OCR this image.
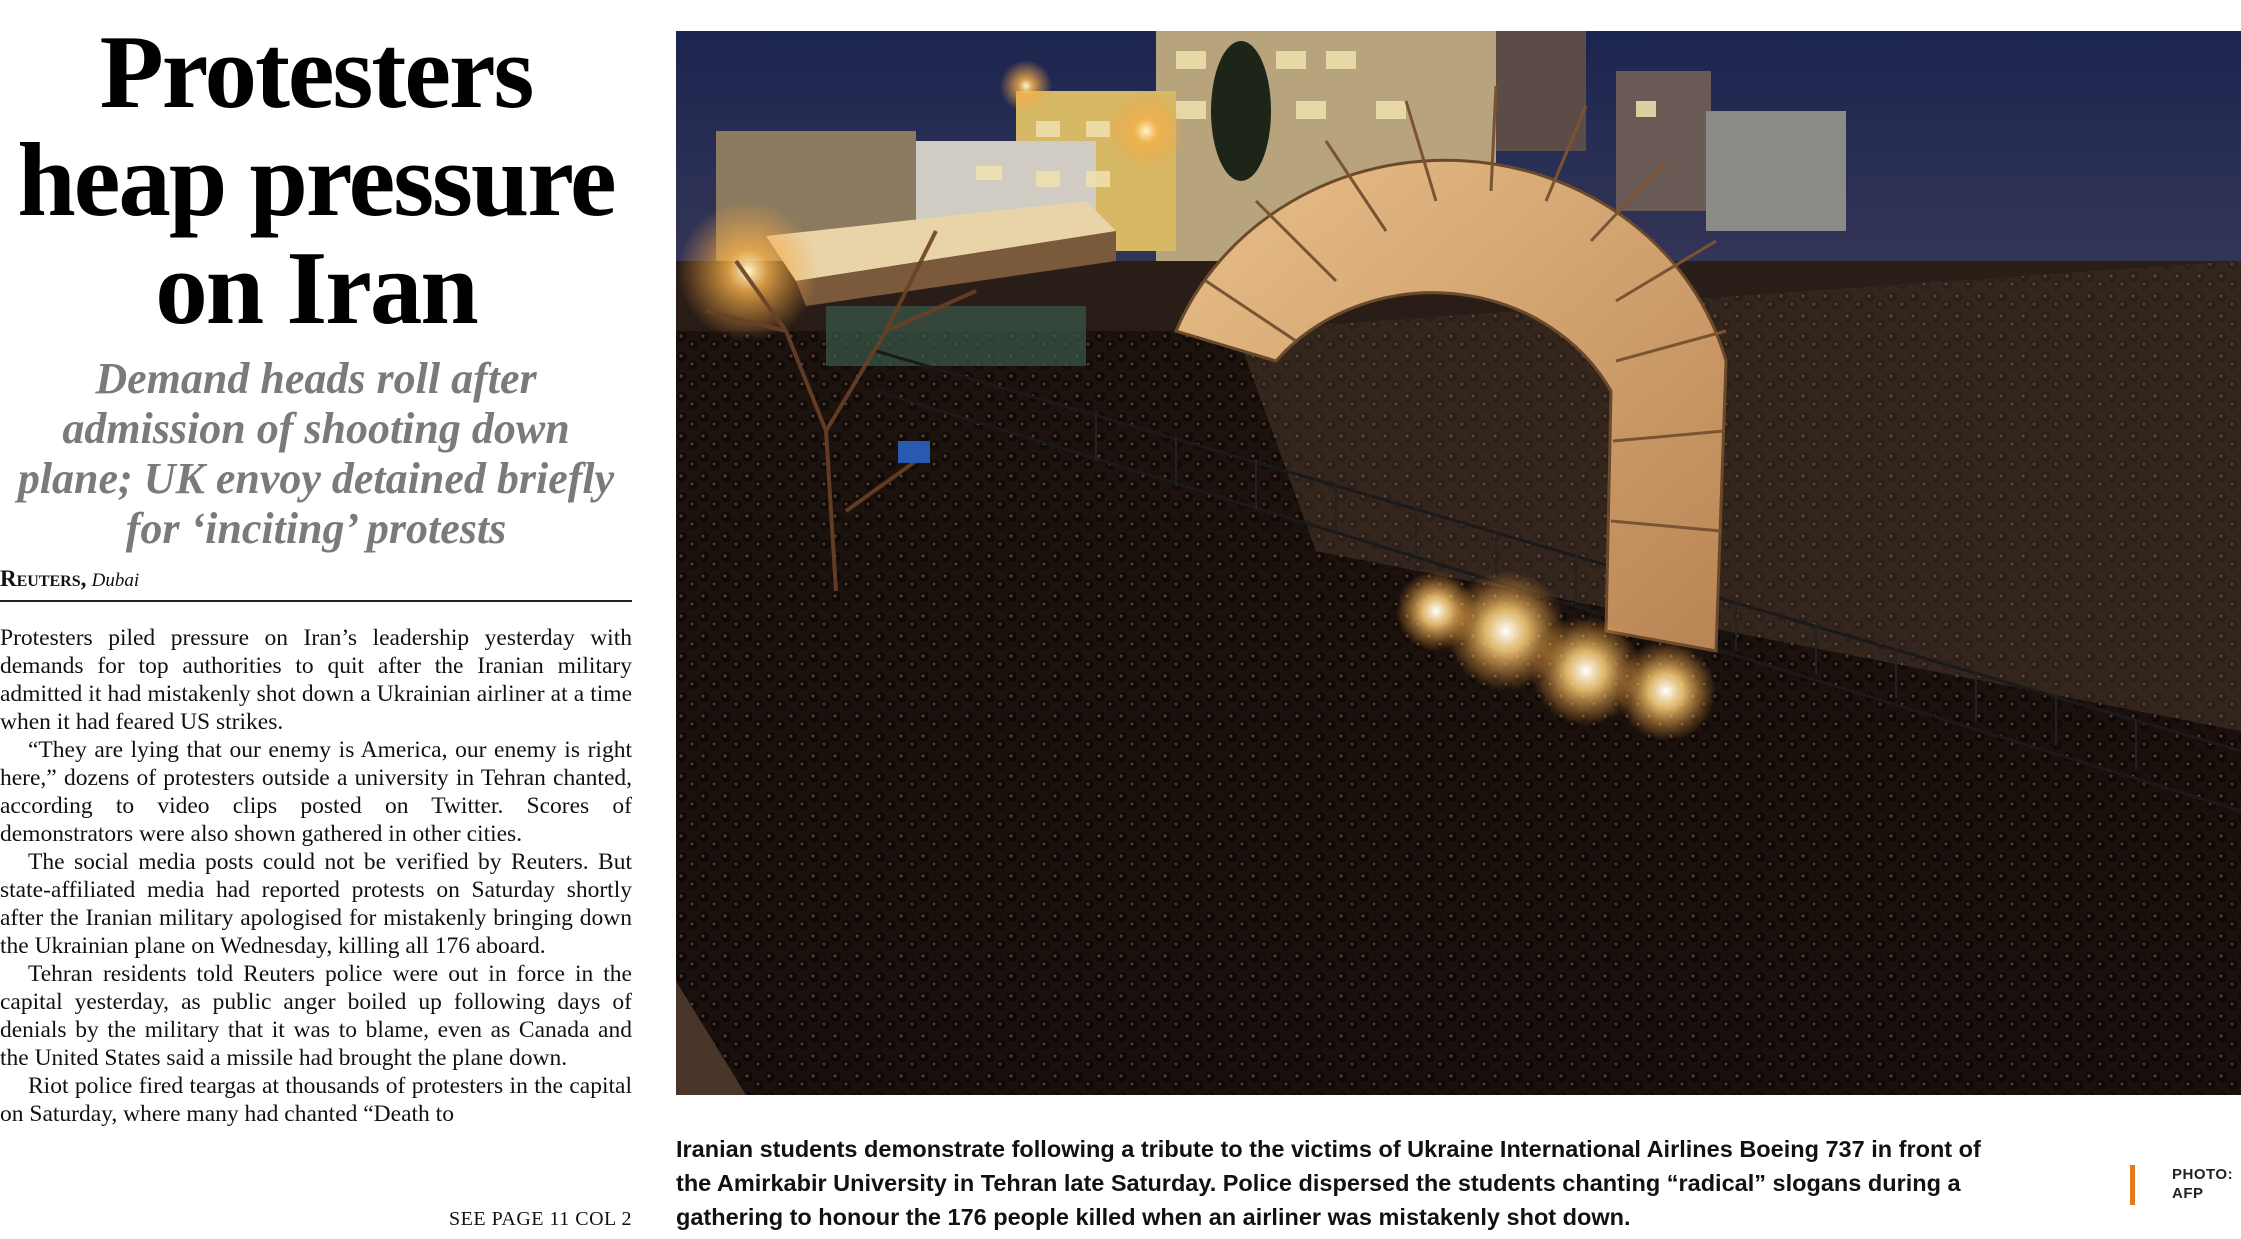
Protesters
heap pressure
on Iran
Demand heads roll after
admission of shooting down
plane; UK envoy detained briefly
for ‘inciting’ protests
Reuters, Dubai

Protesters piled pressure on Iran’s leadership yesterday with demands for top authorities to quit after the Iranian military admitted it had mistakenly shot down a Ukrainian airliner at a time when it had feared US strikes.

“They are lying that our enemy is America, our enemy is right here,” dozens of protesters outside a university in Tehran chanted, according to video clips posted on Twitter. Scores of demonstrators were also shown gathered in other cities.

The social media posts could not be verified by Reuters. But state-affiliated media had reported protests on Saturday shortly after the Iranian military apologised for mistakenly bringing down the Ukrainian plane on Wednesday, killing all 176 aboard.

Tehran residents told Reuters police were out in force in the capital yesterday, as public anger boiled up following days of denials by the military that it was to blame, even as Canada and the United States said a missile had brought the plane down.

Riot police fired teargas at thousands of protesters in the capital on Saturday, where many had chanted “Death to

SEE PAGE 11 COL 2
Iranian students demonstrate following a tribute to the victims of Ukraine International Airlines Boeing 737 in front of
the Amirkabir University in Tehran late Saturday. Police dispersed the students chanting “radical” slogans during a
gathering to honour the 176 people killed when an airliner was mistakenly shot down.
PHOTO:
AFP
